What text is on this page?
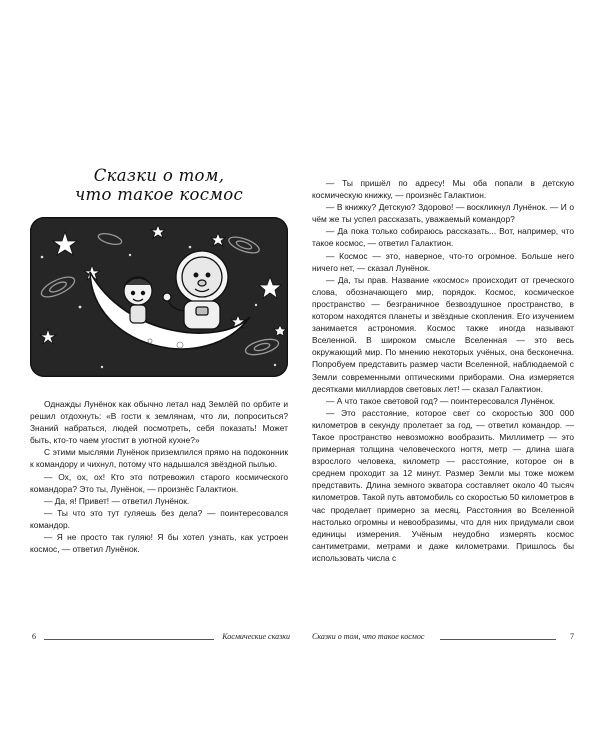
Сказки о том,
что такое космос

Однажды Лунёнок как обычно летал над Землёй по орбите и решил отдохнуть: «В гости к землянам, что ли, попроситься? Знаний набраться, людей посмотреть, себя показать! Может быть, кто-то чаем угостит в уютной кухне?»

С этими мыслями Лунёнок приземлился прямо на подоконник к командору и чихнул, потому что надышался звёздной пылью.

— Ох, ох, ох! Кто это потревожил старого космического командора? Это ты, Лунёнок, — произнёс Галактион.

— Да, я! Привет! — ответил Лунёнок.

— Ты что это тут гуляешь без дела? — поинтересовался командор.

— Я не просто так гуляю! Я бы хотел узнать, как устроен космос, — ответил Лунёнок.

6	Космические сказки

— Ты пришёл по адресу! Мы оба попали в детскую космическую книжку, — произнёс Галактион.

— В книжку? Детскую? Здорово! — воскликнул Лунёнок. — И о чём же ты успел рассказать, уважаемый командор?

— Да пока только собираюсь рассказать... Вот, например, что такое космос, — ответил Галактион.

— Космос — это, наверное, что-то огромное. Больше него ничего нет, — сказал Лунёнок.

— Да, ты прав. Название «космос» происходит от греческого слова, обозначающего мир, порядок. Космос, космическое пространство — безграничное безвоздушное пространство, в котором находятся планеты и звёздные скопления. Его изучением занимается астрономия. Космос также иногда называют Вселенной. В широком смысле Вселенная — это весь окружающий мир. По мнению некоторых учёных, она бесконечна. Попробуем представить размер части Вселенной, наблюдаемой с Земли современными оптическими приборами. Она измеряется десятками миллиардов световых лет! — сказал Галактион.

— А что такое световой год? — поинтересовался Лунёнок.

— Это расстояние, которое свет со скоростью 300 000 километров в секунду пролетает за год, — ответил командор. — Такое пространство невозможно вообразить. Миллиметр — это примерная толщина человеческого ногтя, метр — длина шага взрослого человека, километр — расстояние, которое он в среднем проходит за 12 минут. Размер Земли мы тоже можем представить. Длина земного экватора составляет около 40 тысяч километров. Такой путь автомобиль со скоростью 50 километров в час проделает примерно за месяц. Расстояния во Вселенной настолько огромны и невообразимы, что для них придумали свои единицы измерения. Учёным неудобно измерять космос сантиметрами, метрами и даже километрами. Пришлось бы использовать числа с

Сказки о том, что такое космос	7
